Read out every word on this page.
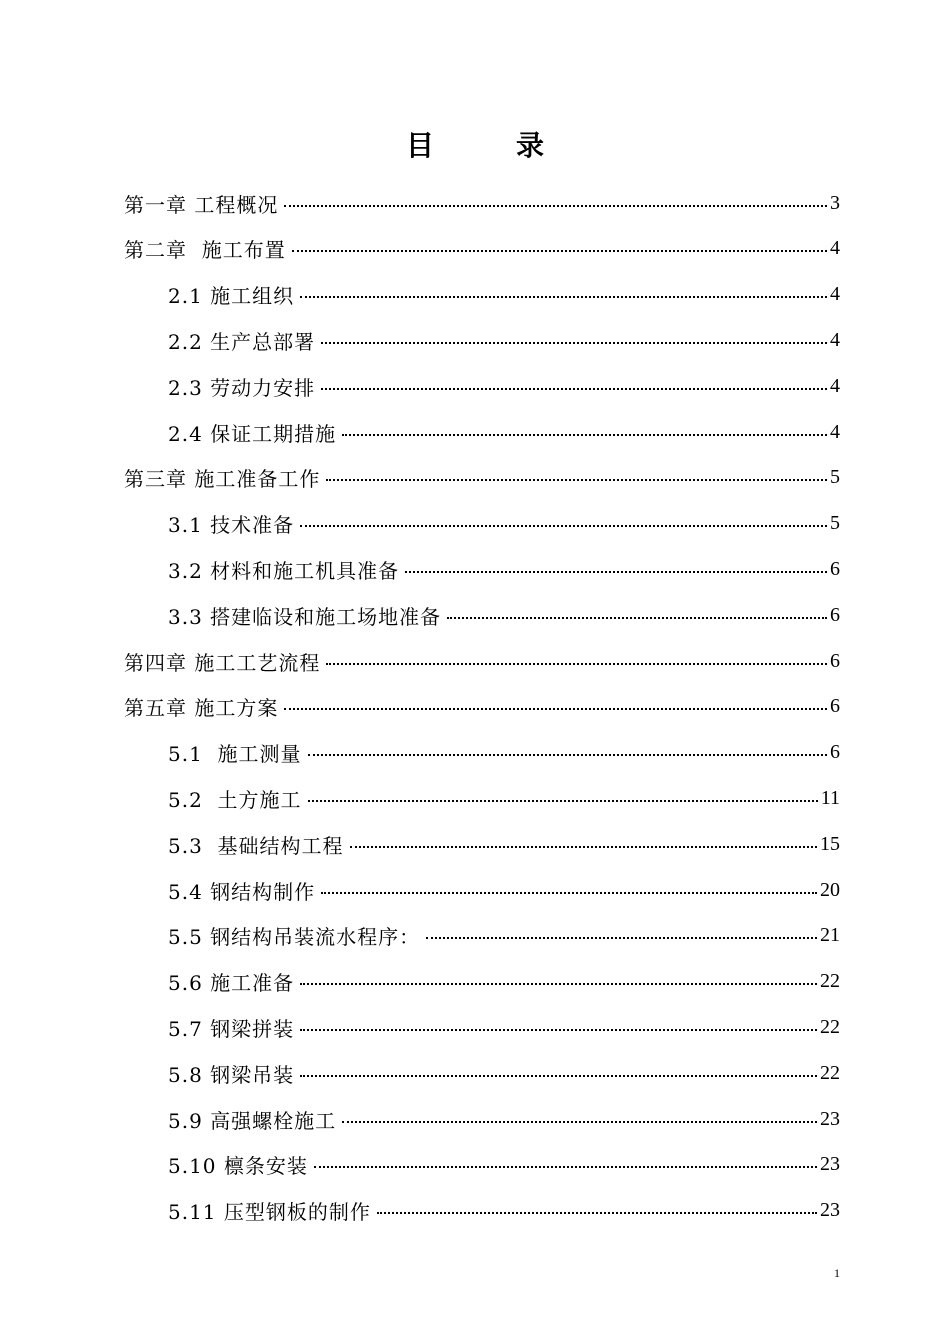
目	录
第一章 工程概况	3
第二章  施工布置	4
2.1 施工组织	4
2.2 生产总部署	4
2.3 劳动力安排	4
2.4 保证工期措施	4
第三章 施工准备工作	5
3.1 技术准备	5
3.2 材料和施工机具准备	6
3.3 搭建临设和施工场地准备	6
第四章 施工工艺流程	6
第五章 施工方案	6
5.1  施工测量	6
5.2  土方施工	11
5.3  基础结构工程	15
5.4 钢结构制作	20
5.5 钢结构吊装流水程序：	21
5.6 施工准备	22
5.7 钢梁拼装	22
5.8 钢梁吊装	22
5.9 高强螺栓施工	23
5.10 檩条安装	23
5.11 压型钢板的制作	23
1
